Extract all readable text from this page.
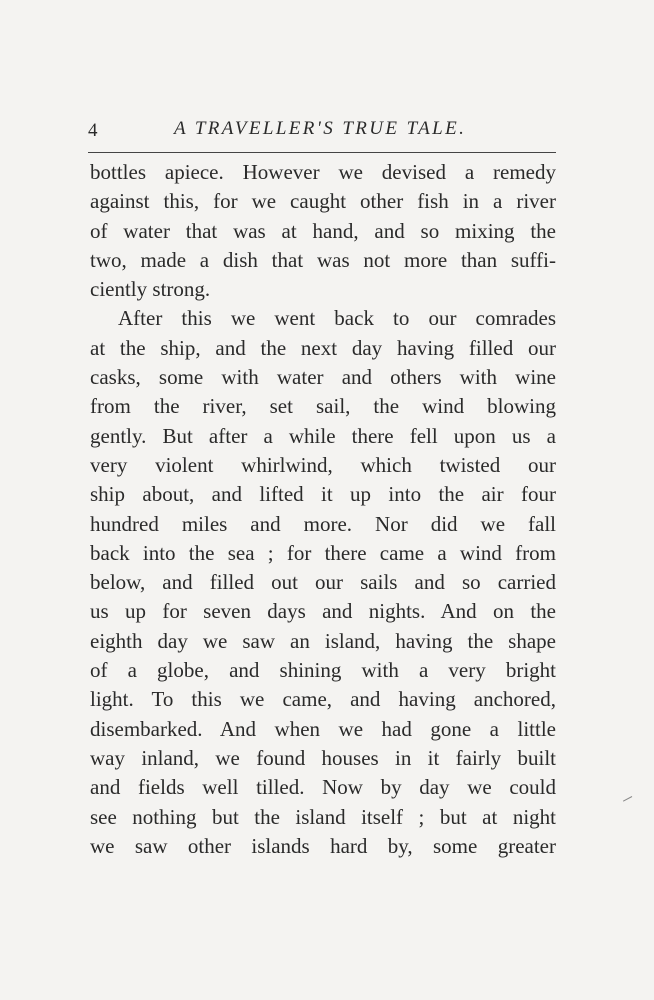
4	A TRAVELLER'S TRUE TALE.
bottles apiece. However we devised a remedy
against this, for we caught other fish in a river
of water that was at hand, and so mixing the
two, made a dish that was not more than suffi-
ciently strong.
After this we went back to our comrades
at the ship, and the next day having filled our
casks, some with water and others with wine
from the river, set sail, the wind blowing
gently. But after a while there fell upon us a
very violent whirlwind, which twisted our
ship about, and lifted it up into the air four
hundred miles and more. Nor did we fall
back into the sea ; for there came a wind from
below, and filled out our sails and so carried
us up for seven days and nights. And on the
eighth day we saw an island, having the shape
of a globe, and shining with a very bright
light. To this we came, and having anchored,
disembarked. And when we had gone a little
way inland, we found houses in it fairly built
and fields well tilled. Now by day we could
see nothing but the island itself ; but at night
we saw other islands hard by, some greater
